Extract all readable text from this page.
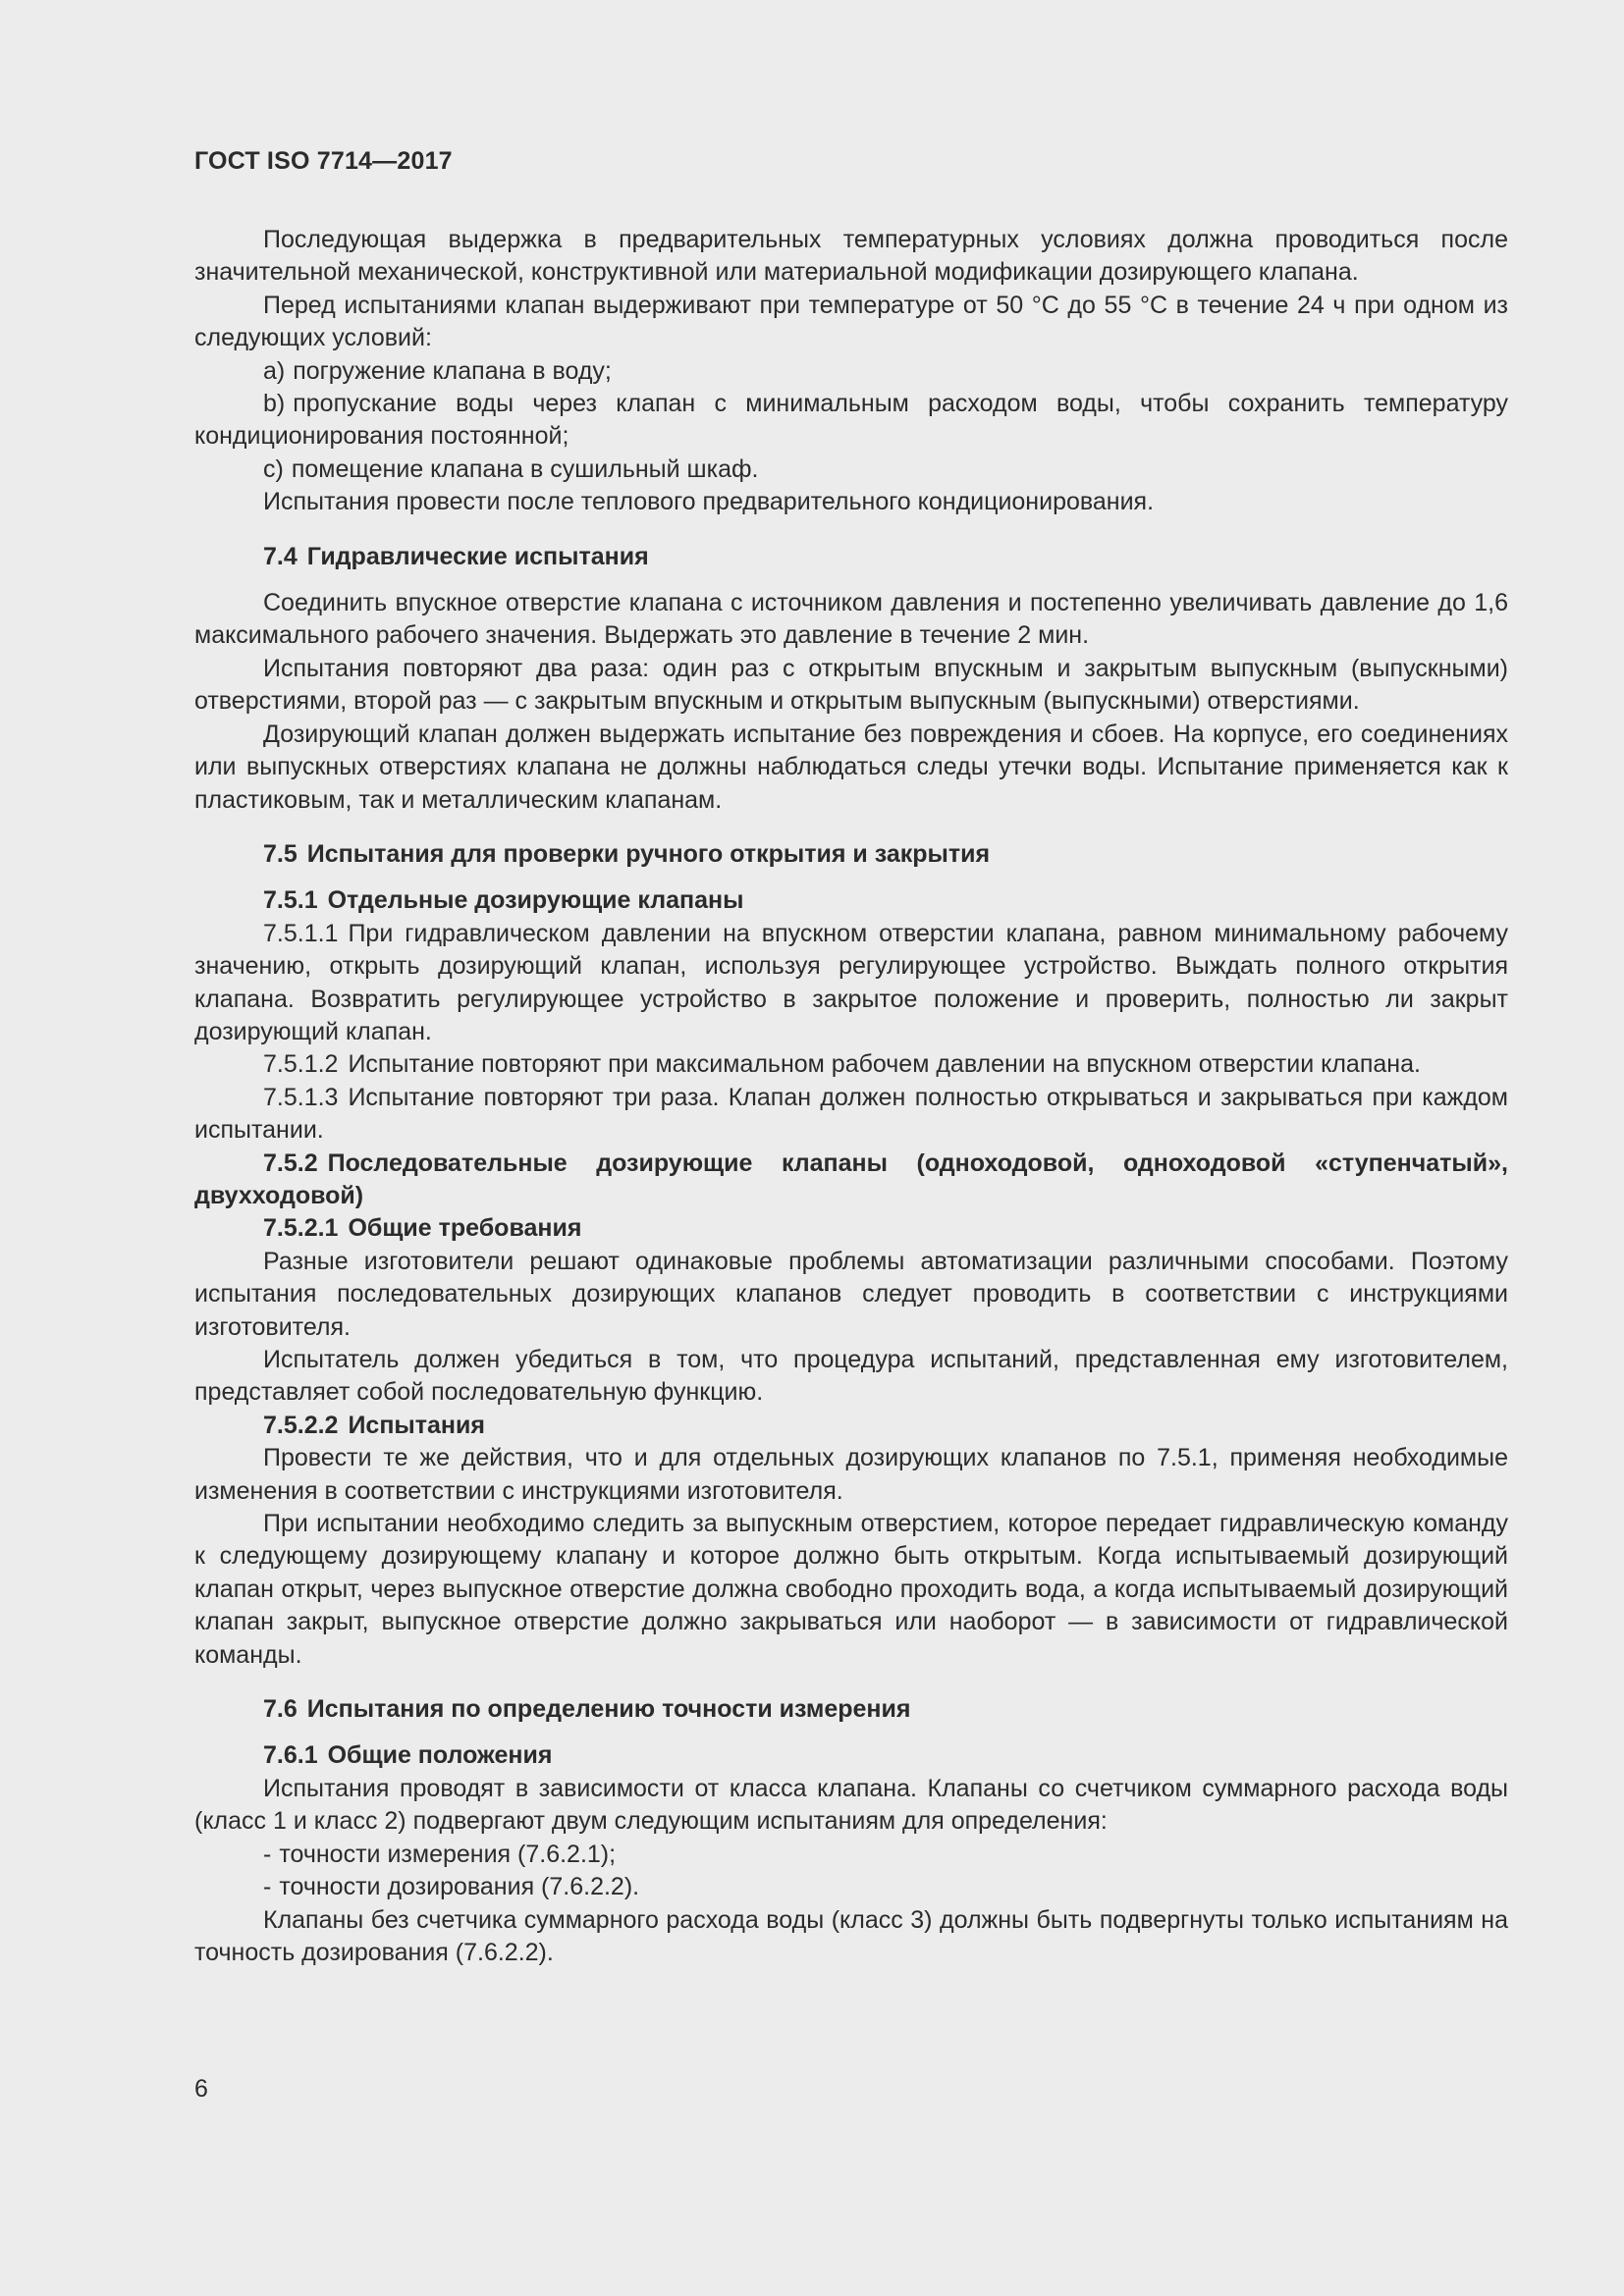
ГОСТ ISO 7714—2017

Последующая выдержка в предварительных температурных условиях должна проводиться после значительной механической, конструктивной или материальной модификации дозирующего клапана.

Перед испытаниями клапан выдерживают при температуре от 50 °С до 55 °С в течение 24 ч при одном из следующих условий:

а) погружение клапана в воду;

b) пропускание воды через клапан с минимальным расходом воды, чтобы сохранить температуру кондиционирования постоянной;

с) помещение клапана в сушильный шкаф.

Испытания провести после теплового предварительного кондиционирования.

7.4 Гидравлические испытания

Соединить впускное отверстие клапана с источником давления и постепенно увеличивать давление до 1,6 максимального рабочего значения. Выдержать это давление в течение 2 мин.

Испытания повторяют два раза: один раз с открытым впускным и закрытым выпускным (выпускными) отверстиями, второй раз — с закрытым впускным и открытым выпускным (выпускными) отверстиями.

Дозирующий клапан должен выдержать испытание без повреждения и сбоев. На корпусе, его соединениях или выпускных отверстиях клапана не должны наблюдаться следы утечки воды. Испытание применяется как к пластиковым, так и металлическим клапанам.

7.5 Испытания для проверки ручного открытия и закрытия
7.5.1 Отдельные дозирующие клапаны

7.5.1.1 При гидравлическом давлении на впускном отверстии клапана, равном минимальному рабочему значению, открыть дозирующий клапан, используя регулирующее устройство. Выждать полного открытия клапана. Возвратить регулирующее устройство в закрытое положение и проверить, полностью ли закрыт дозирующий клапан.

7.5.1.2 Испытание повторяют при максимальном рабочем давлении на впускном отверстии клапана.

7.5.1.3 Испытание повторяют три раза. Клапан должен полностью открываться и закрываться при каждом испытании.

7.5.2 Последовательные дозирующие клапаны (одноходовой, одноходовой «ступенчатый», двухходовой)
7.5.2.1 Общие требования

Разные изготовители решают одинаковые проблемы автоматизации различными способами. Поэтому испытания последовательных дозирующих клапанов следует проводить в соответствии с инструкциями изготовителя.

Испытатель должен убедиться в том, что процедура испытаний, представленная ему изготовителем, представляет собой последовательную функцию.

7.5.2.2 Испытания

Провести те же действия, что и для отдельных дозирующих клапанов по 7.5.1, применяя необходимые изменения в соответствии с инструкциями изготовителя.

При испытании необходимо следить за выпускным отверстием, которое передает гидравлическую команду к следующему дозирующему клапану и которое должно быть открытым. Когда испытываемый дозирующий клапан открыт, через выпускное отверстие должна свободно проходить вода, а когда испытываемый дозирующий клапан закрыт, выпускное отверстие должно закрываться или наоборот — в зависимости от гидравлической команды.

7.6 Испытания по определению точности измерения
7.6.1 Общие положения

Испытания проводят в зависимости от класса клапана. Клапаны со счетчиком суммарного расхода воды (класс 1 и класс 2) подвергают двум следующим испытаниям для определения:

- точности измерения (7.6.2.1);

- точности дозирования (7.6.2.2).

Клапаны без счетчика суммарного расхода воды (класс 3) должны быть подвергнуты только испытаниям на точность дозирования (7.6.2.2).

6
